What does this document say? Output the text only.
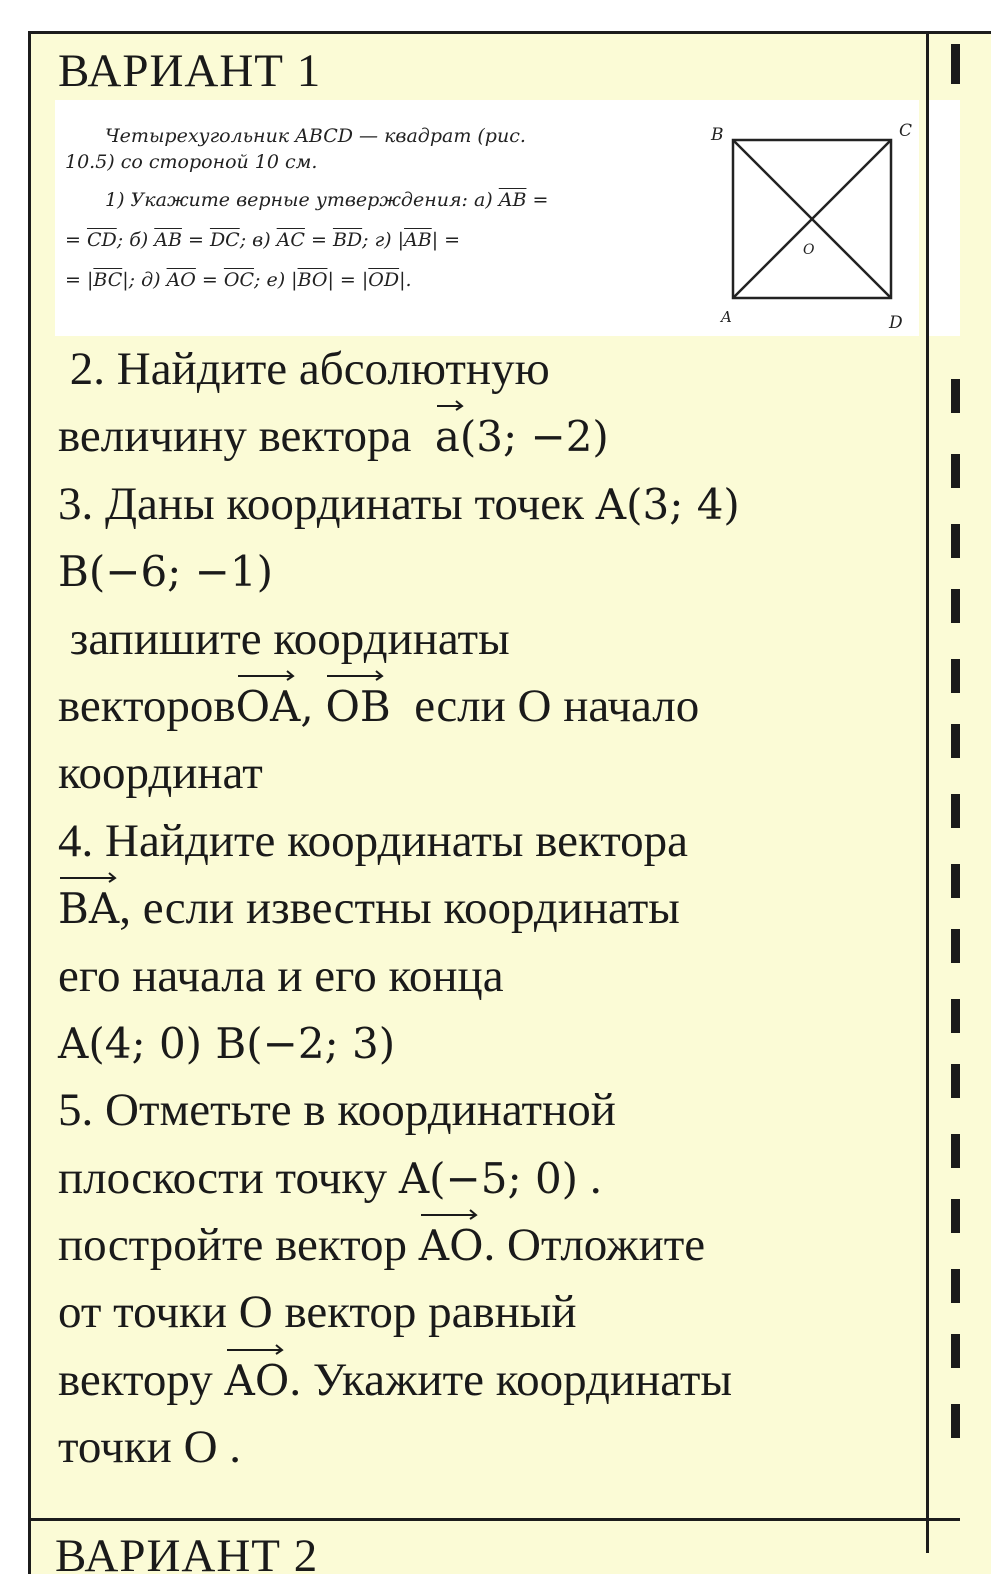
ВАРИАНТ 1
Четырехугольник ABCD — квадрат (рис.
10.5) со стороной 10 см.
1) Укажите верные утверждения: а) $\overline{AB}$ =
= $\overline{CD}$; б) $\overline{AB} = \overline{DC}$; в) $\overline{AC} = \overline{BD}$; г) $|\overline{AB}|$ =
= $|\overline{BC}|$; д) $\overline{AO} = \overline{OC}$; е) $|\overline{BO}| = |\overline{OD}|$.
B	C
A	D
O
2. Найдите абсолютную
величину вектора a(3; −2)
3. Даны координаты точек A(3; 4)
B(−6; −1)
запишите координаты
векторов
OA, OB если О начало
координат
4. Найдите координаты вектора
BA, если известны координаты
его начала и его конца
A(4; 0) B(−2; 3)
5. Отметьте в координатной
плоскости точку A(−5; 0) .
постройте вектор AO. Отложите
от точки О вектор равный
вектору AO. Укажите координаты
точки О .
ВАРИАНТ 2
